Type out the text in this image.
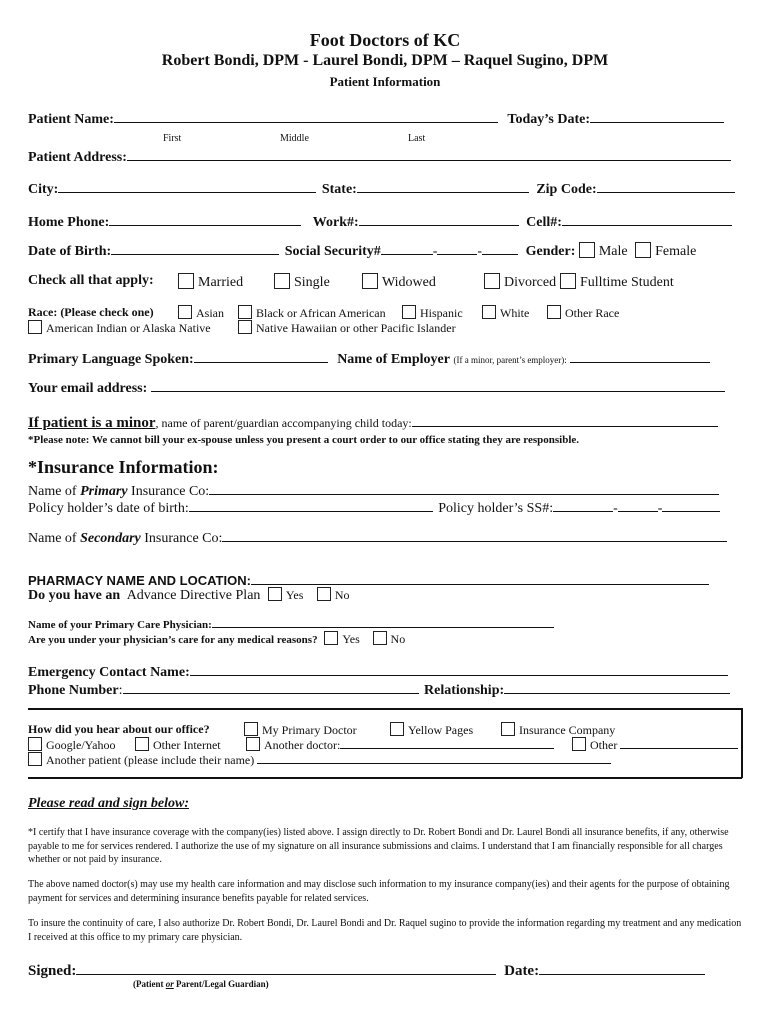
Foot Doctors of KC
Robert Bondi, DPM - Laurel Bondi, DPM – Raquel Sugino, DPM
Patient Information
Patient Name:	Today’s Date:
First	Middle	Last
Patient Address:
City:	State:	Zip Code:
Home Phone:	Work#:	Cell#:
Date of Birth:	Social Security#	-	-	Gender: Male Female
Check all that apply:	Married	Single	Widowed	Divorced	Fulltime Student
Race: (Please check one)	Asian	Black or African American	Hispanic	White	Other Race
American Indian or Alaska Native	Native Hawaiian or other Pacific Islander
Primary Language Spoken:	Name of Employer (If a minor, parent’s employer):
Your email address:
If patient is a minor, name of parent/guardian accompanying child today:
*Please note: We cannot bill your ex-spouse unless you present a court order to our office stating they are responsible.
*Insurance Information:
Name of Primary Insurance Co:
Policy holder’s date of birth:	Policy holder’s SS#:	-	-
Name of Secondary Insurance Co:
PHARMACY NAME AND LOCATION:
Do you have an Advance Directive Plan Yes	No
Name of your Primary Care Physician:
Are you under your physician’s care for any medical reasons? Yes	No
Emergency Contact Name:
Phone Number:	Relationship:
How did you hear about our office?	My Primary Doctor	Yellow Pages	Insurance Company
Google/Yahoo	Other Internet	Another doctor:	Other
Another patient (please include their name)
Please read and sign below:
*I certify that I have insurance coverage with the company(ies) listed above. I assign directly to Dr. Robert Bondi and Dr. Laurel Bondi all insurance benefits, if any, otherwise payable to me for services rendered. I authorize the use of my signature on all insurance submissions and claims. I understand that I am financially responsible for all charges whether or not paid by insurance.
The above named doctor(s) may use my health care information and may disclose such information to my insurance company(ies) and their agents for the purpose of obtaining payment for services and determining insurance benefits payable for related services.
To insure the continuity of care, I also authorize Dr. Robert Bondi, Dr. Laurel Bondi and Dr. Raquel sugino to provide the information regarding my treatment and any medication I received at this office to my primary care physician.
Signed:	Date:
(Patient or Parent/Legal Guardian)
